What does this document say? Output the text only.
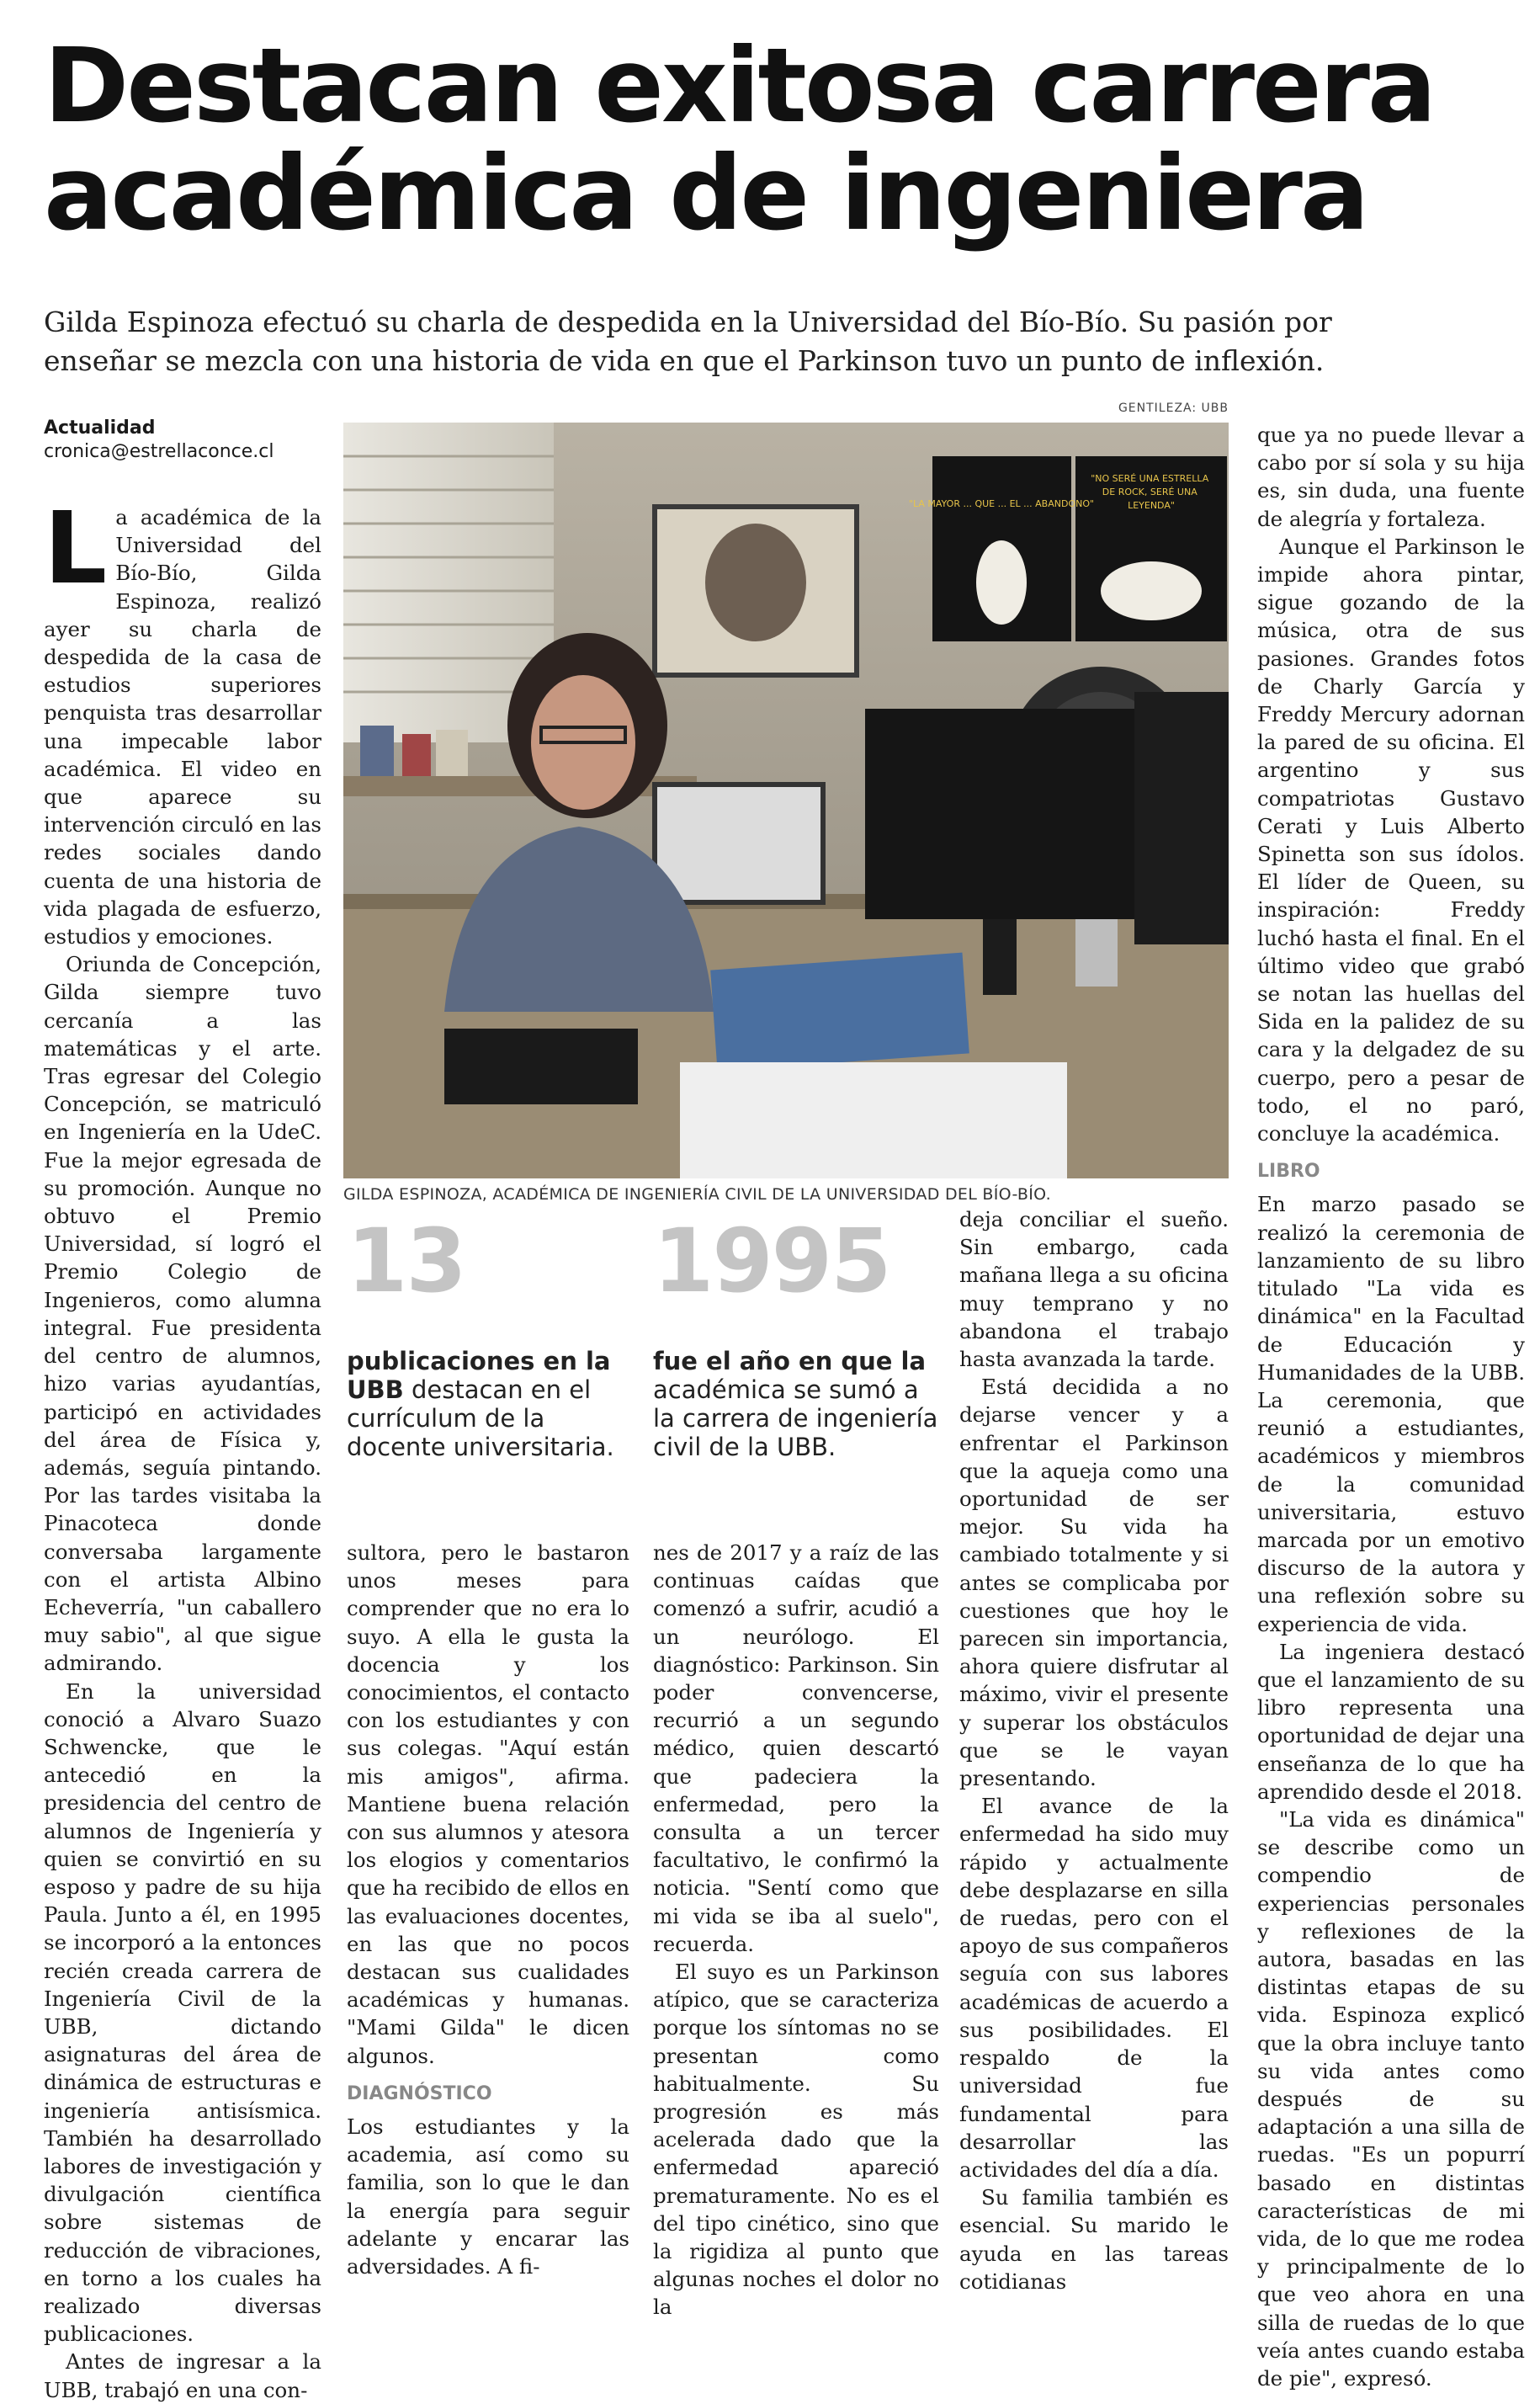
Destacan exitosa carrera
académica de ingeniera
Gilda Espinoza efectuó su charla de despedida en la Universidad del Bío-Bío. Su pasión por
enseñar se mezcla con una historia de vida en que el Parkinson tuvo un punto de inflexión.
Actualidad
cronica@estrellaconce.cl

La académica de la Universidad del Bío-Bío, Gilda Espinoza, realizó ayer su charla de despedida de la casa de estudios superiores penquista tras desarrollar una impecable labor académica. El video en que aparece su intervención circuló en las redes sociales dando cuenta de una historia de vida plagada de esfuerzo, estudios y emociones.

Oriunda de Concepción, Gilda siempre tuvo cercanía a las matemáticas y el arte. Tras egresar del Colegio Concepción, se matriculó en Ingeniería en la UdeC. Fue la mejor egresada de su promoción. Aunque no obtuvo el Premio Universidad, sí logró el Premio Colegio de Ingenieros, como alumna integral. Fue presidenta del centro de alumnos, hizo varias ayudantías, participó en actividades del área de Física y, además, seguía pintando. Por las tardes visitaba la Pinacoteca donde conversaba largamente con el artista Albino Echeverría, "un caballero muy sabio", al que sigue admirando.

En la universidad conoció a Alvaro Suazo Schwencke, que le antecedió en la presidencia del centro de alumnos de Ingeniería y quien se convirtió en su esposo y padre de su hija Paula. Junto a él, en 1995 se incorporó a la entonces recién creada carrera de Ingeniería Civil de la UBB, dictando asignaturas del área de dinámica de estructuras e ingeniería antisísmica. También ha desarrollado labores de investigación y divulgación científica sobre sistemas de reducción de vibraciones, en torno a los cuales ha realizado diversas publicaciones.

Antes de ingresar a la UBB, trabajó en una con-

GENTILEZA: UBB
"LA MAYOR ... QUE ... EL ... ABANDONO"
"NO SERÉ UNA ESTRELLA DE ROCK, SERÉ UNA LEYENDA"
GILDA ESPINOZA, ACADÉMICA DE INGENIERÍA CIVIL DE LA UNIVERSIDAD DEL BÍO-BÍO.
13
publicaciones en la UBB destacan en el currículum de la docente universitaria.
1995
fue el año en que la académica se sumó a la carrera de ingeniería civil de la UBB.

sultora, pero le bastaron unos meses para comprender que no era lo suyo. A ella le gusta la docencia y los conocimientos, el contacto con los estudiantes y con sus colegas. "Aquí están mis amigos", afirma. Mantiene buena relación con sus alumnos y atesora los elogios y comentarios que ha recibido de ellos en las evaluaciones docentes, en las que no pocos destacan sus cualidades académicas y humanas. "Mami Gilda" le dicen algunos.

DIAGNÓSTICO

Los estudiantes y la academia, así como su familia, son lo que le dan la energía para seguir adelante y encarar las adversidades. A fi-

nes de 2017 y a raíz de las continuas caídas que comenzó a sufrir, acudió a un neurólogo. El diagnóstico: Parkinson. Sin poder convencerse, recurrió a un segundo médico, quien descartó que padeciera la enfermedad, pero la consulta a un tercer facultativo, le confirmó la noticia. "Sentí como que mi vida se iba al suelo", recuerda.

El suyo es un Parkinson atípico, que se caracteriza porque los síntomas no se presentan como habitualmente. Su progresión es más acelerada dado que la enfermedad apareció prematuramente. No es el del tipo cinético, sino que la rigidiza al punto que algunas noches el dolor no la

deja conciliar el sueño. Sin embargo, cada mañana llega a su oficina muy temprano y no abandona el trabajo hasta avanzada la tarde.

Está decidida a no dejarse vencer y a enfrentar el Parkinson que la aqueja como una oportunidad de ser mejor. Su vida ha cambiado totalmente y si antes se complicaba por cuestiones que hoy le parecen sin importancia, ahora quiere disfrutar al máximo, vivir el presente y superar los obstáculos que se le vayan presentando.

El avance de la enfermedad ha sido muy rápido y actualmente debe desplazarse en silla de ruedas, pero con el apoyo de sus compañeros seguía con sus labores académicas de acuerdo a sus posibilidades. El respaldo de la universidad fue fundamental para desarrollar las actividades del día a día.

Su familia también es esencial. Su marido le ayuda en las tareas cotidianas

que ya no puede llevar a cabo por sí sola y su hija es, sin duda, una fuente de alegría y fortaleza.

Aunque el Parkinson le impide ahora pintar, sigue gozando de la música, otra de sus pasiones. Grandes fotos de Charly García y Freddy Mercury adornan la pared de su oficina. El argentino y sus compatriotas Gustavo Cerati y Luis Alberto Spinetta son sus ídolos. El líder de Queen, su inspiración: Freddy luchó hasta el final. En el último video que grabó se notan las huellas del Sida en la palidez de su cara y la delgadez de su cuerpo, pero a pesar de todo, el no paró, concluye la académica.

LIBRO

En marzo pasado se realizó la ceremonia de lanzamiento de su libro titulado "La vida es dinámica" en la Facultad de Educación y Humanidades de la UBB. La ceremonia, que reunió a estudiantes, académicos y miembros de la comunidad universitaria, estuvo marcada por un emotivo discurso de la autora y una reflexión sobre su experiencia de vida.

La ingeniera destacó que el lanzamiento de su libro representa una oportunidad de dejar una enseñanza de lo que ha aprendido desde el 2018.

"La vida es dinámica" se describe como un compendio de experiencias personales y reflexiones de la autora, basadas en las distintas etapas de su vida. Espinoza explicó que la obra incluye tanto su vida antes como después de su adaptación a una silla de ruedas. "Es un popurrí basado en distintas características de mi vida, de lo que me rodea y principalmente de lo que veo ahora en una silla de ruedas de lo que veía antes cuando estaba de pie", expresó.
